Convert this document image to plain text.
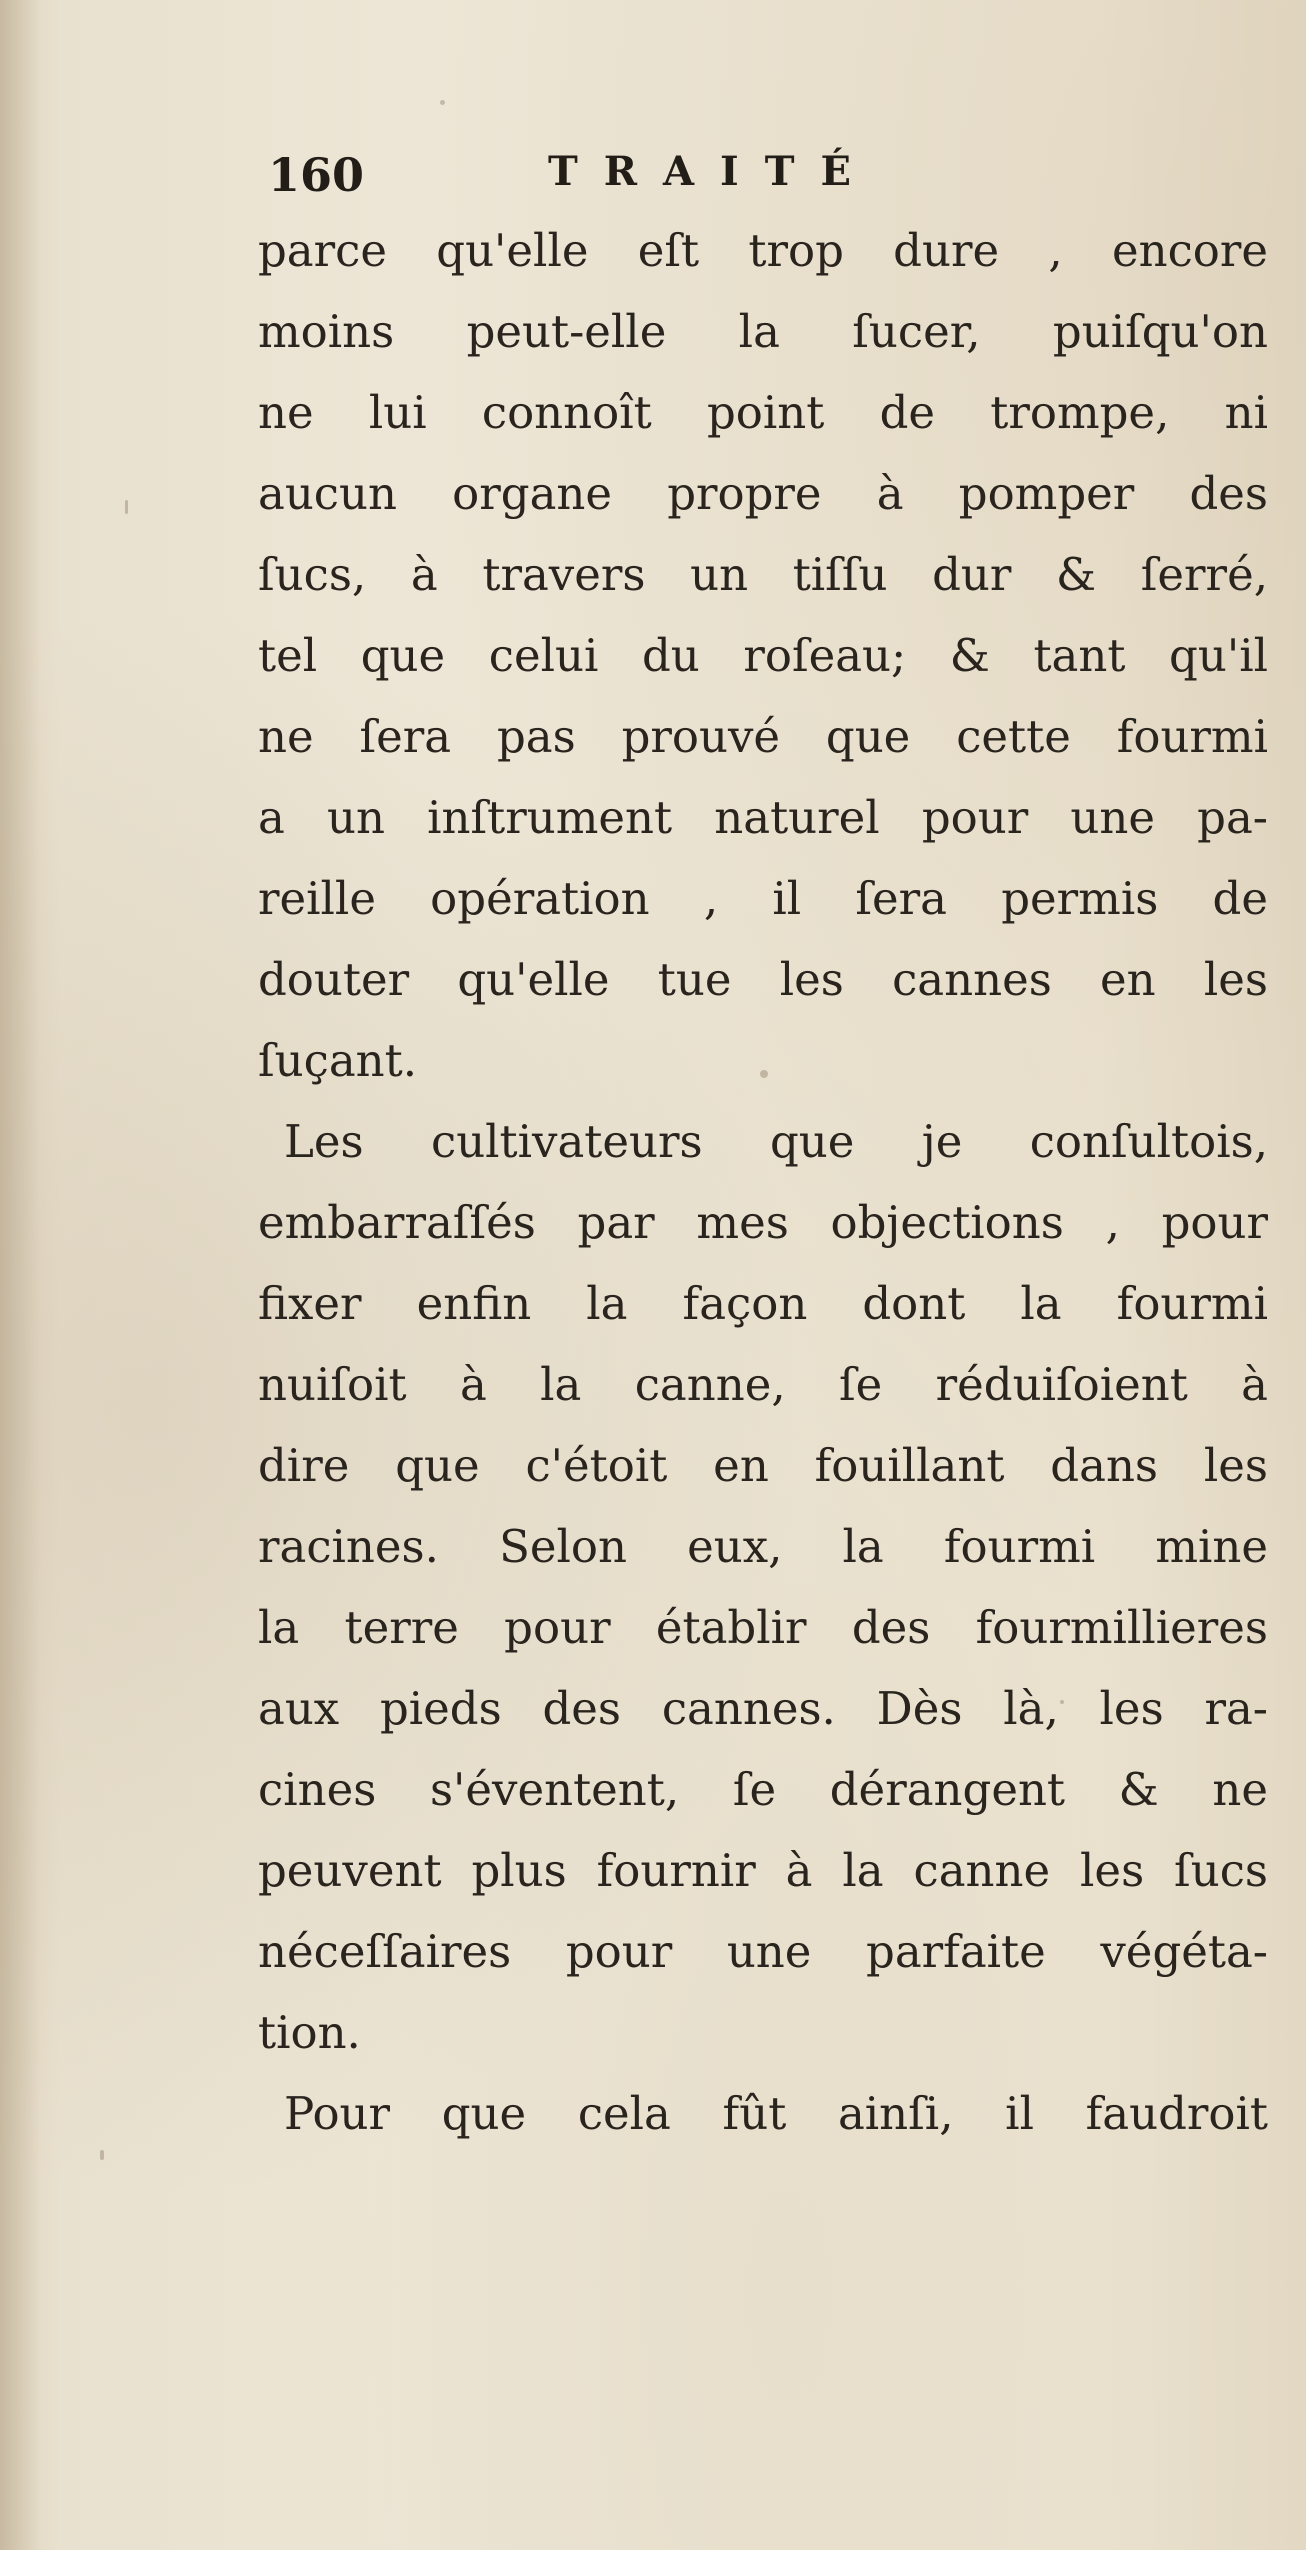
160	TRAITÉ
parce qu'elle eſt trop dure , encore
moins peut-elle la ſucer, puiſqu'on
ne lui connoît point de trompe, ni
aucun organe propre à pomper des
ſucs, à travers un tiſſu dur & ſerré,
tel que celui du roſeau; & tant qu'il
ne ſera pas prouvé que cette fourmi
a un inſtrument naturel pour une pa-
reille opération , il ſera permis de
douter qu'elle tue les cannes en les
ſuçant.
Les cultivateurs que je conſultois,
embarraſſés par mes objections , pour
fixer enfin la façon dont la fourmi
nuiſoit à la canne, ſe réduiſoient à
dire que c'étoit en fouillant dans les
racines. Selon eux, la fourmi mine
la terre pour établir des fourmillieres
aux pieds des cannes. Dès là, les ra-
cines s'éventent, ſe dérangent & ne
peuvent plus fournir à la canne les ſucs
néceſſaires pour une parfaite végéta-
tion.
Pour que cela fût ainſi, il faudroit
